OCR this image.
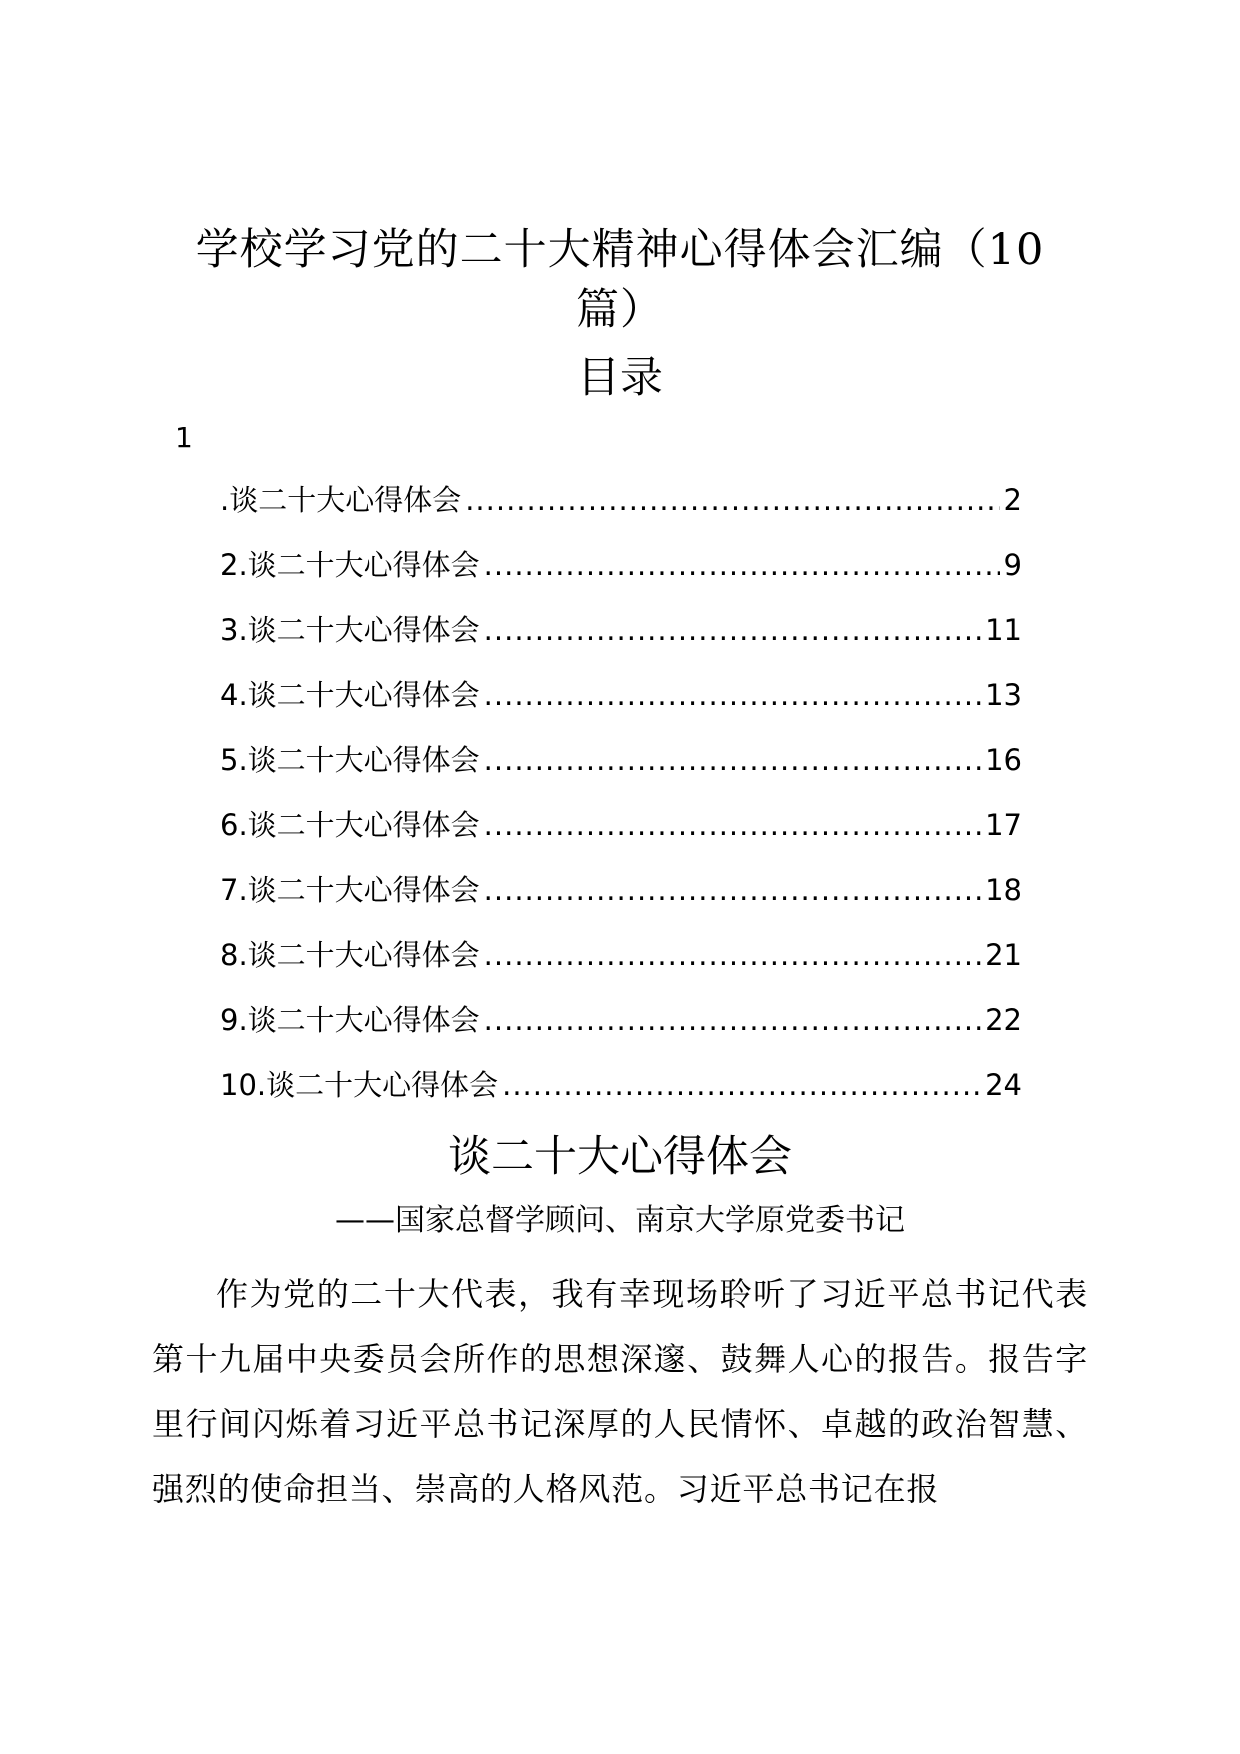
学校学习党的二十大精神心得体会汇编（10
篇）
目录
1
.谈二十大心得体会 .....	2
2.谈二十大心得体会 .....	9
3.谈二十大心得体会 .....	11
4.谈二十大心得体会 .....	13
5.谈二十大心得体会 .....	16
6.谈二十大心得体会 .....	17
7.谈二十大心得体会 .....	18
8.谈二十大心得体会 .....	21
9.谈二十大心得体会 .....	22
10.谈二十大心得体会 .....	24
谈二十大心得体会
——国家总督学顾问、南京大学原党委书记

作为党的二十大代表，我有幸现场聆听了习近平总书记代表第十九届中央委员会所作的思想深邃、鼓舞人心的报告。报告字里行间闪烁着习近平总书记深厚的人民情怀、卓越的政治智慧、强烈的使命担当、崇高的人格风范。习近平总书记在报
